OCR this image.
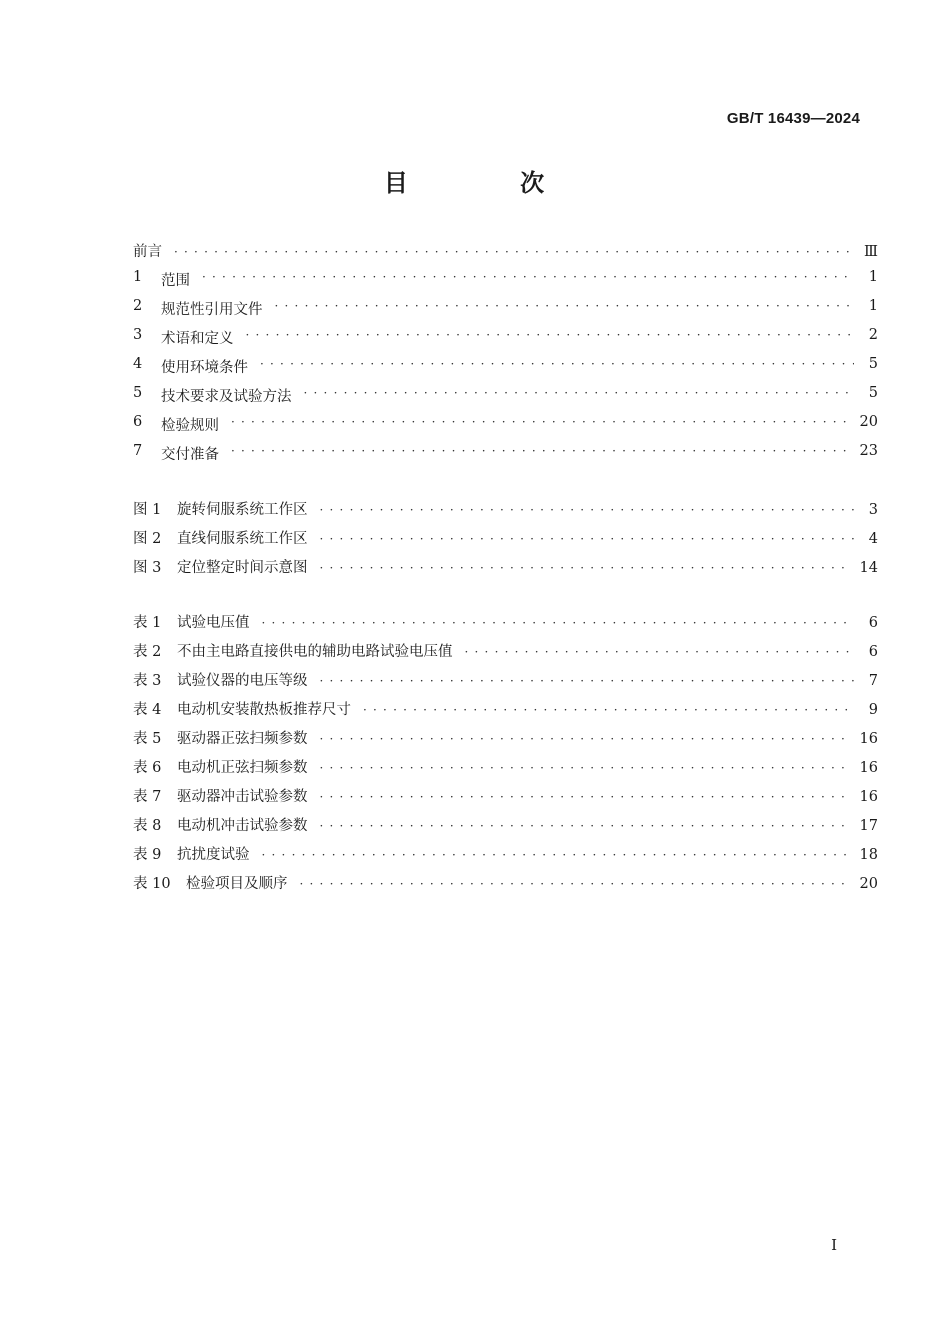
GB/T 16439—2024
目 次
前言 · · ·	Ⅲ
1	范围 · · ·	1
2	规范性引用文件 · · ·	1
3	术语和定义 · · ·	2
4	使用环境条件 · · ·	5
5	技术要求及试验方法 · · ·	5
6	检验规则 · · ·	20
7	交付准备 · · ·	23
图 1	旋转伺服系统工作区 · · ·	3
图 2	直线伺服系统工作区 · · ·	4
图 3	定位整定时间示意图 · · ·	14
表 1	试验电压值 · · ·	6
表 2	不由主电路直接供电的辅助电路试验电压值 · · ·	6
表 3	试验仪器的电压等级 · · ·	7
表 4	电动机安装散热板推荐尺寸 · · ·	9
表 5	驱动器正弦扫频参数 · · ·	16
表 6	电动机正弦扫频参数 · · ·	16
表 7	驱动器冲击试验参数 · · ·	16
表 8	电动机冲击试验参数 · · ·	17
表 9	抗扰度试验 · · ·	18
表 10	检验项目及顺序 · · ·	20
Ⅰ
